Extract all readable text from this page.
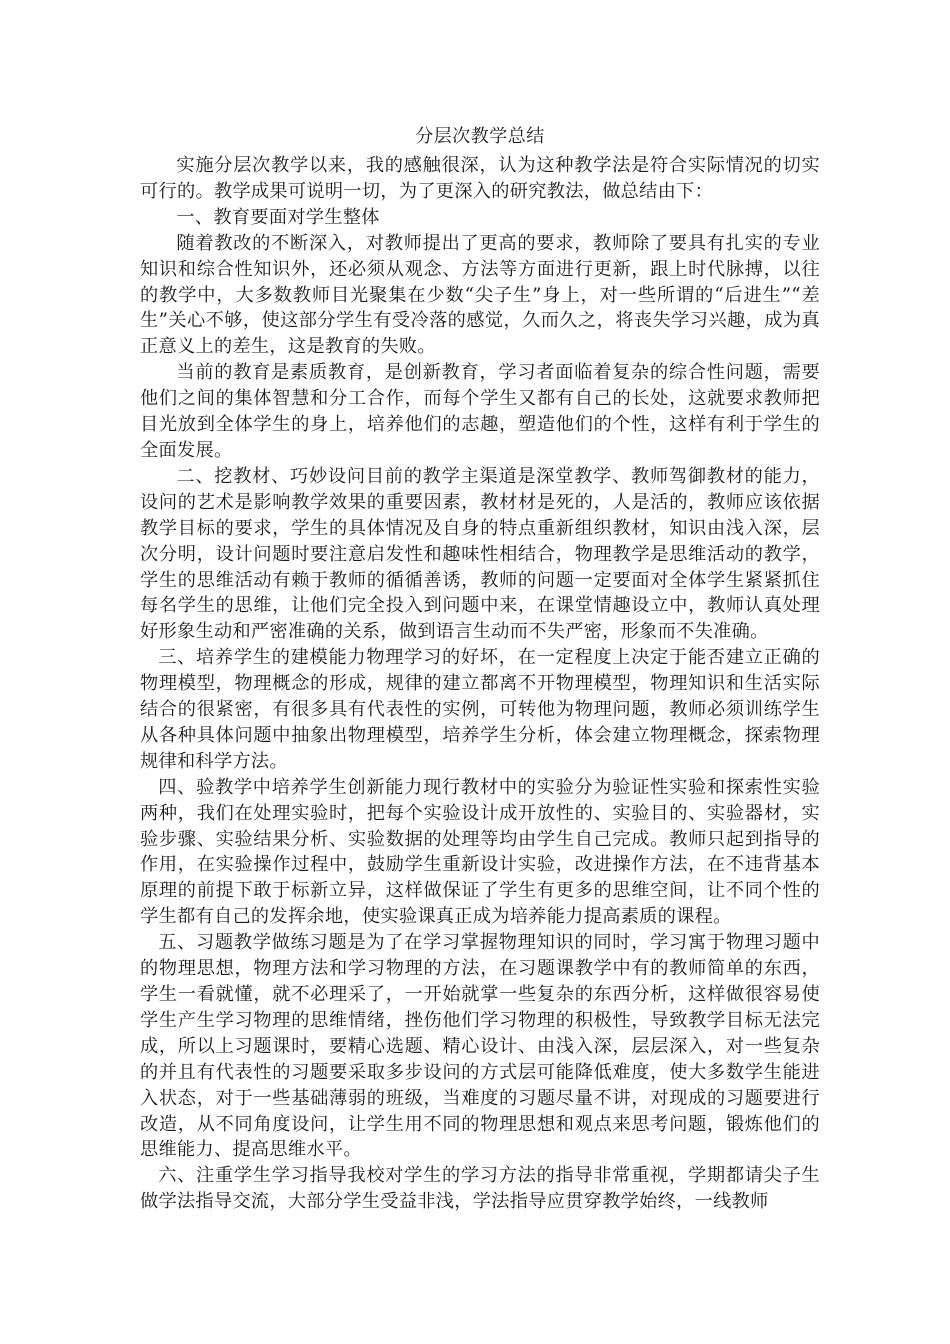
分层次教学总结

实施分层次教学以来，我的感触很深，认为这种教学法是符合实际情况的切实可行的。教学成果可说明一切，为了更深入的研究教法，做总结由下：

一、教育要面对学生整体

随着教改的不断深入，对教师提出了更高的要求，教师除了要具有扎实的专业知识和综合性知识外，还必须从观念、方法等方面进行更新，跟上时代脉搏，以往的教学中，大多数教师目光聚集在少数“尖子生”身上，对一些所谓的“后进生”“差生”关心不够，使这部分学生有受冷落的感觉，久而久之，将丧失学习兴趣，成为真正意义上的差生，这是教育的失败。

当前的教育是素质教育，是创新教育，学习者面临着复杂的综合性问题，需要他们之间的集体智慧和分工合作，而每个学生又都有自己的长处，这就要求教师把目光放到全体学生的身上，培养他们的志趣，塑造他们的个性，这样有利于学生的全面发展。

二、挖教材、巧妙设问目前的教学主渠道是深堂教学、教师驾御教材的能力，设问的艺术是影响教学效果的重要因素，教材材是死的，人是活的，教师应该依据教学目标的要求，学生的具体情况及自身的特点重新组织教材，知识由浅入深，层次分明，设计问题时要注意启发性和趣味性相结合，物理教学是思维活动的教学，学生的思维活动有赖于教师的循循善诱，教师的问题一定要面对全体学生紧紧抓住每名学生的思维，让他们完全投入到问题中来，在课堂情趣设立中，教师认真处理好形象生动和严密准确的关系，做到语言生动而不失严密，形象而不失准确。

三、培养学生的建模能力物理学习的好坏，在一定程度上决定于能否建立正确的物理模型，物理概念的形成，规律的建立都离不开物理模型，物理知识和生活实际结合的很紧密，有很多具有代表性的实例，可转他为物理问题，教师必须训练学生从各种具体问题中抽象出物理模型，培养学生分析，体会建立物理概念，探索物理规律和科学方法。

四、验教学中培养学生创新能力现行教材中的实验分为验证性实验和探索性实验两种，我们在处理实验时，把每个实验设计成开放性的、实验目的、实验器材，实验步骤、实验结果分析、实验数据的处理等均由学生自己完成。教师只起到指导的作用，在实验操作过程中，鼓励学生重新设计实验，改进操作方法，在不违背基本原理的前提下敢于标新立异，这样做保证了学生有更多的思维空间，让不同个性的学生都有自己的发挥余地，使实验课真正成为培养能力提高素质的课程。

五、习题教学做练习题是为了在学习掌握物理知识的同时，学习寓于物理习题中的物理思想，物理方法和学习物理的方法，在习题课教学中有的教师简单的东西，学生一看就懂，就不必理采了，一开始就掌一些复杂的东西分析，这样做很容易使学生产生学习物理的思维情绪，挫伤他们学习物理的积极性，导致教学目标无法完成，所以上习题课时，要精心选题、精心设计、由浅入深，层层深入，对一些复杂的并且有代表性的习题要采取多步设问的方式层可能降低难度，使大多数学生能进入状态，对于一些基础薄弱的班级，当难度的习题尽量不讲，对现成的习题要进行改造，从不同角度设问，让学生用不同的物理思想和观点来思考问题，锻炼他们的思维能力、提高思维水平。

六、注重学生学习指导我校对学生的学习方法的指导非常重视，学期都请尖子生做学法指导交流，大部分学生受益非浅，学法指导应贯穿教学始终，一线教师
